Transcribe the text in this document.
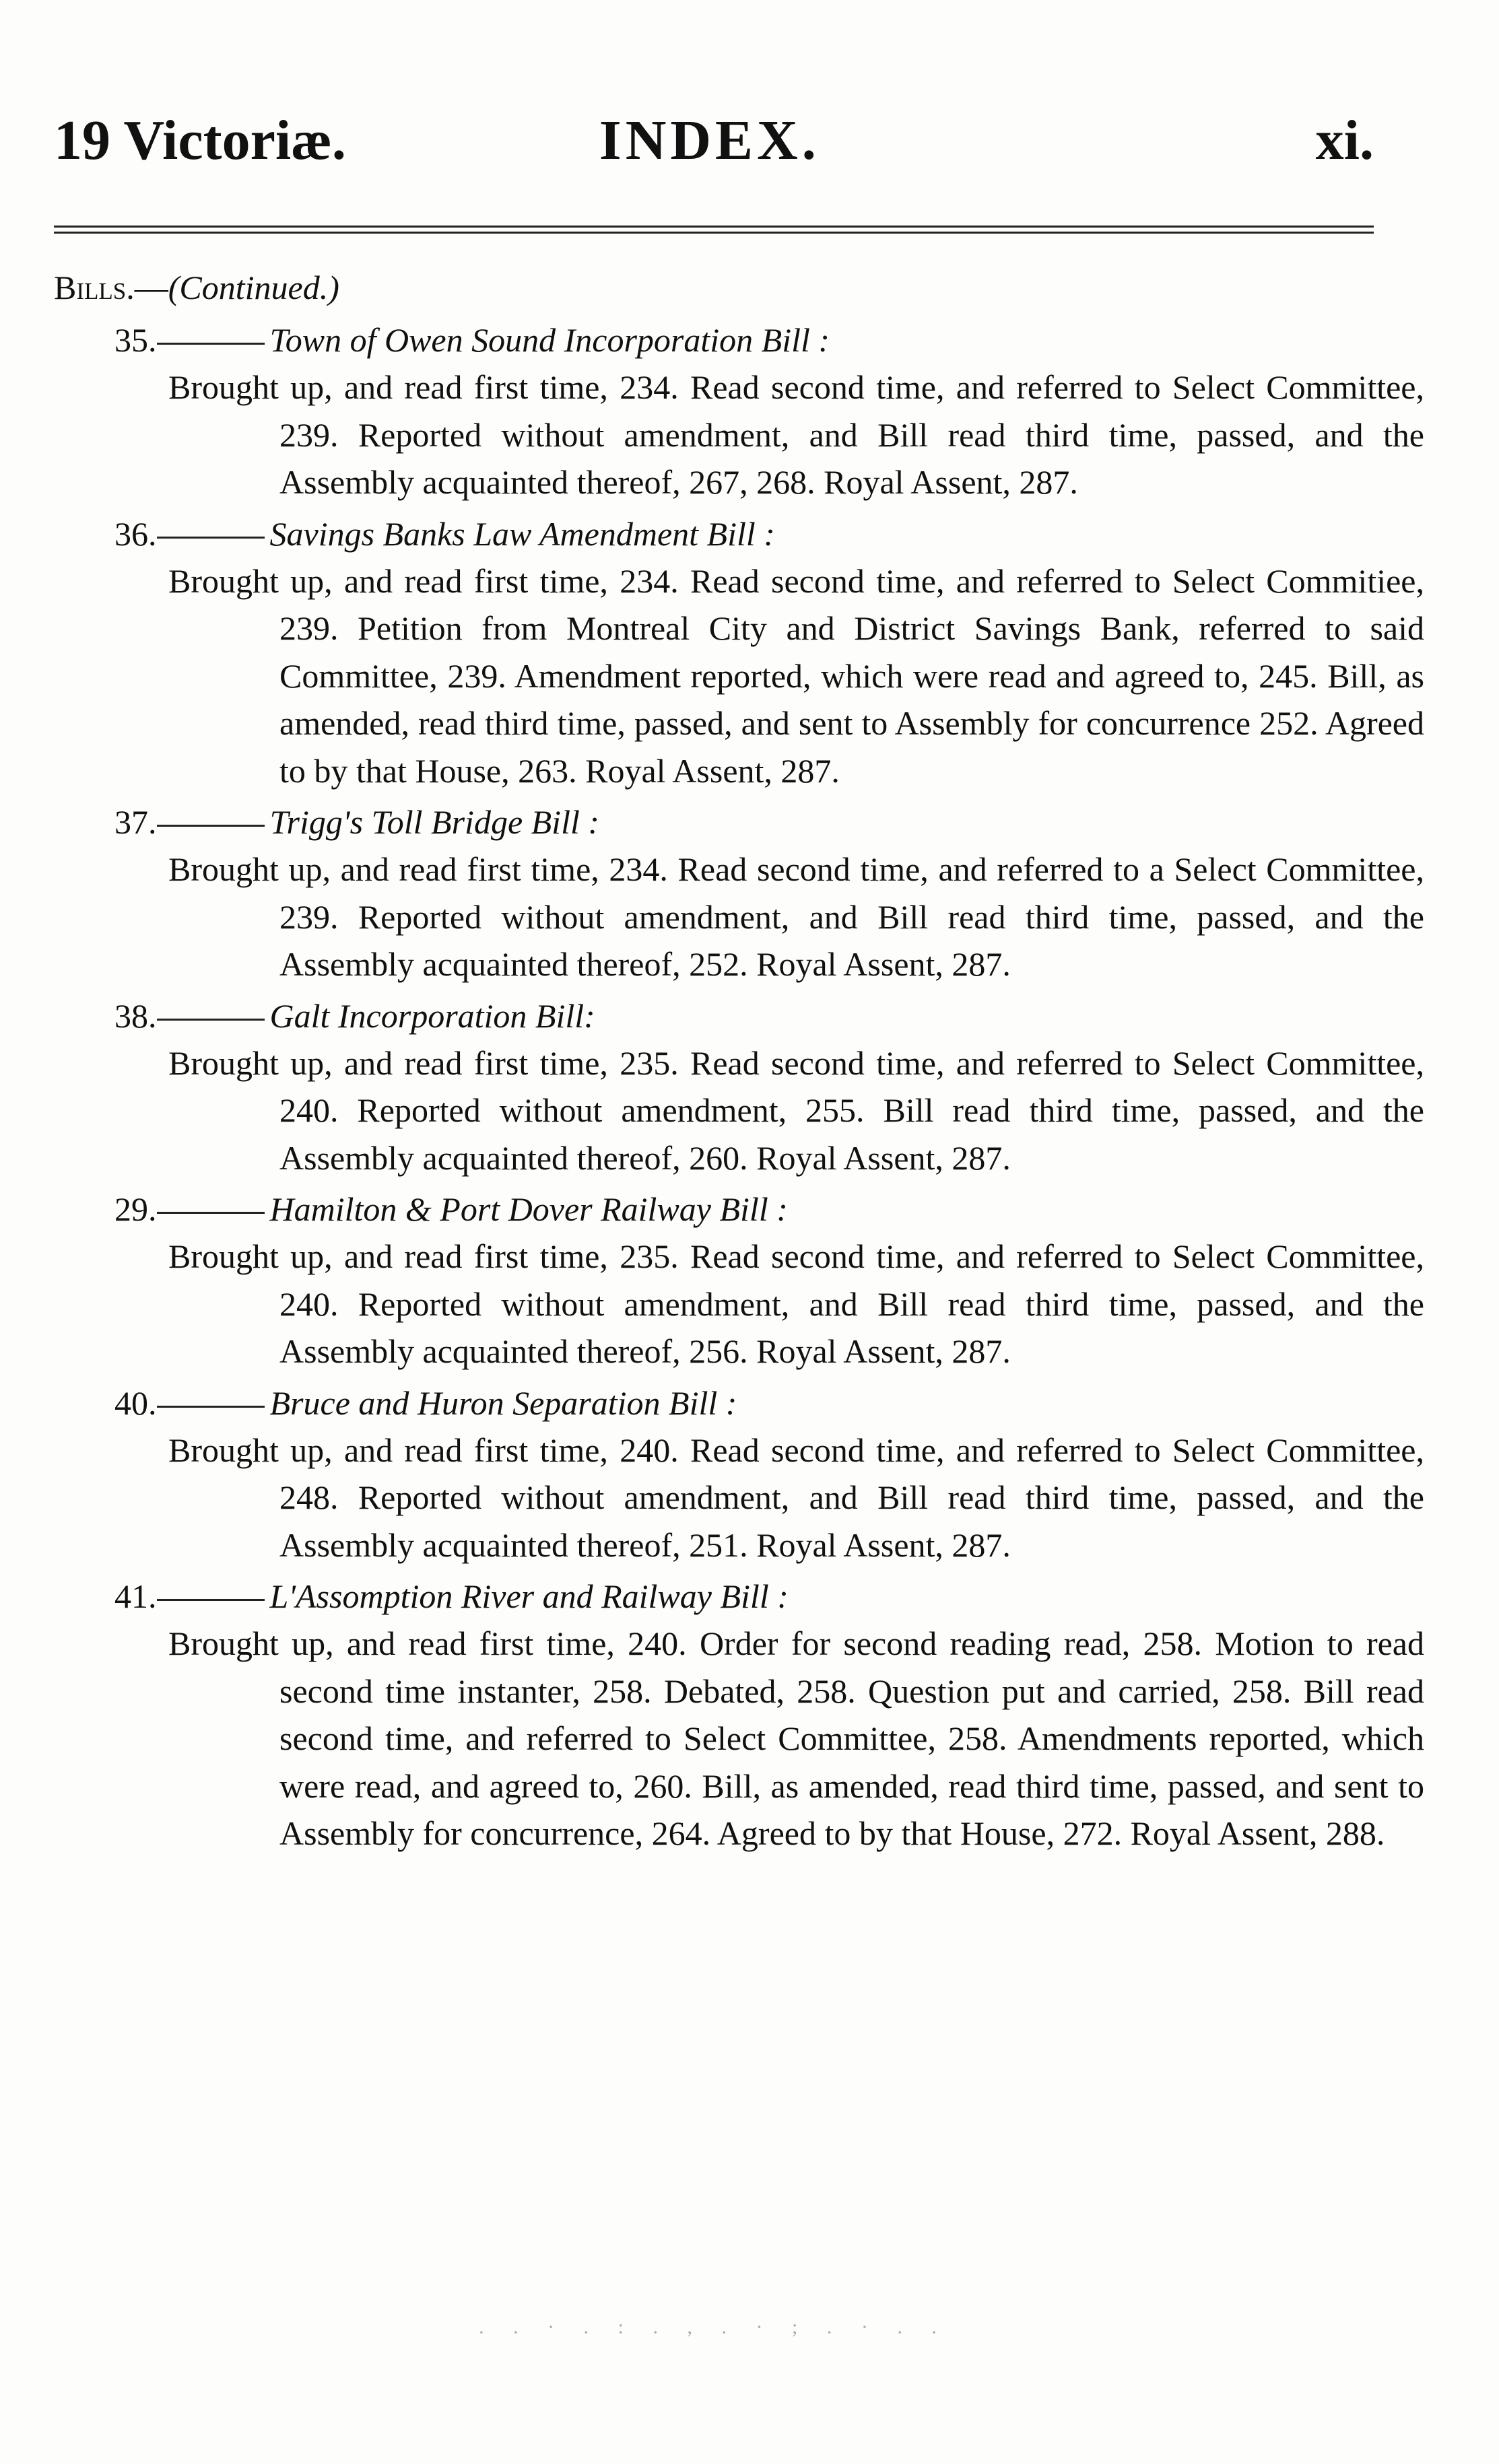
19 Victoriæ.	INDEX.	xi.
Bills.—(Continued.)
35.	Town of Owen Sound Incorporation Bill :
Brought up, and read first time, 234. Read second time, and referred to Select Committee, 239. Reported without amendment, and Bill read third time, passed, and the Assembly acquainted thereof, 267, 268. Royal Assent, 287.
36.	Savings Banks Law Amendment Bill :
Brought up, and read first time, 234. Read second time, and referred to Select Commitiee, 239. Petition from Montreal City and District Savings Bank, referred to said Committee, 239. Amendment reported, which were read and agreed to, 245. Bill, as amended, read third time, passed, and sent to Assembly for concurrence 252. Agreed to by that House, 263. Royal Assent, 287.
37.	Trigg's Toll Bridge Bill :
Brought up, and read first time, 234. Read second time, and referred to a Select Committee, 239. Reported without amendment, and Bill read third time, passed, and the Assembly acquainted thereof, 252. Royal Assent, 287.
38.	Galt Incorporation Bill:
Brought up, and read first time, 235. Read second time, and referred to Select Committee, 240. Reported without amendment, 255. Bill read third time, passed, and the Assembly acquainted thereof, 260. Royal Assent, 287.
29.	Hamilton & Port Dover Railway Bill :
Brought up, and read first time, 235. Read second time, and referred to Select Committee, 240. Reported without amendment, and Bill read third time, passed, and the Assembly acquainted thereof, 256. Royal Assent, 287.
40.	Bruce and Huron Separation Bill :
Brought up, and read first time, 240. Read second time, and referred to Select Committee, 248. Reported without amendment, and Bill read third time, passed, and the Assembly acquainted thereof, 251. Royal Assent, 287.
41.	L'Assomption River and Railway Bill :
Brought up, and read first time, 240. Order for second reading read, 258. Motion to read second time instanter, 258. Debated, 258. Question put and carried, 258. Bill read second time, and referred to Select Committee, 258. Amendments reported, which were read, and agreed to, 260. Bill, as amended, read third time, passed, and sent to Assembly for concurrence, 264. Agreed to by that House, 272. Royal Assent, 288.
. . · . : . , . · ; . · . .
